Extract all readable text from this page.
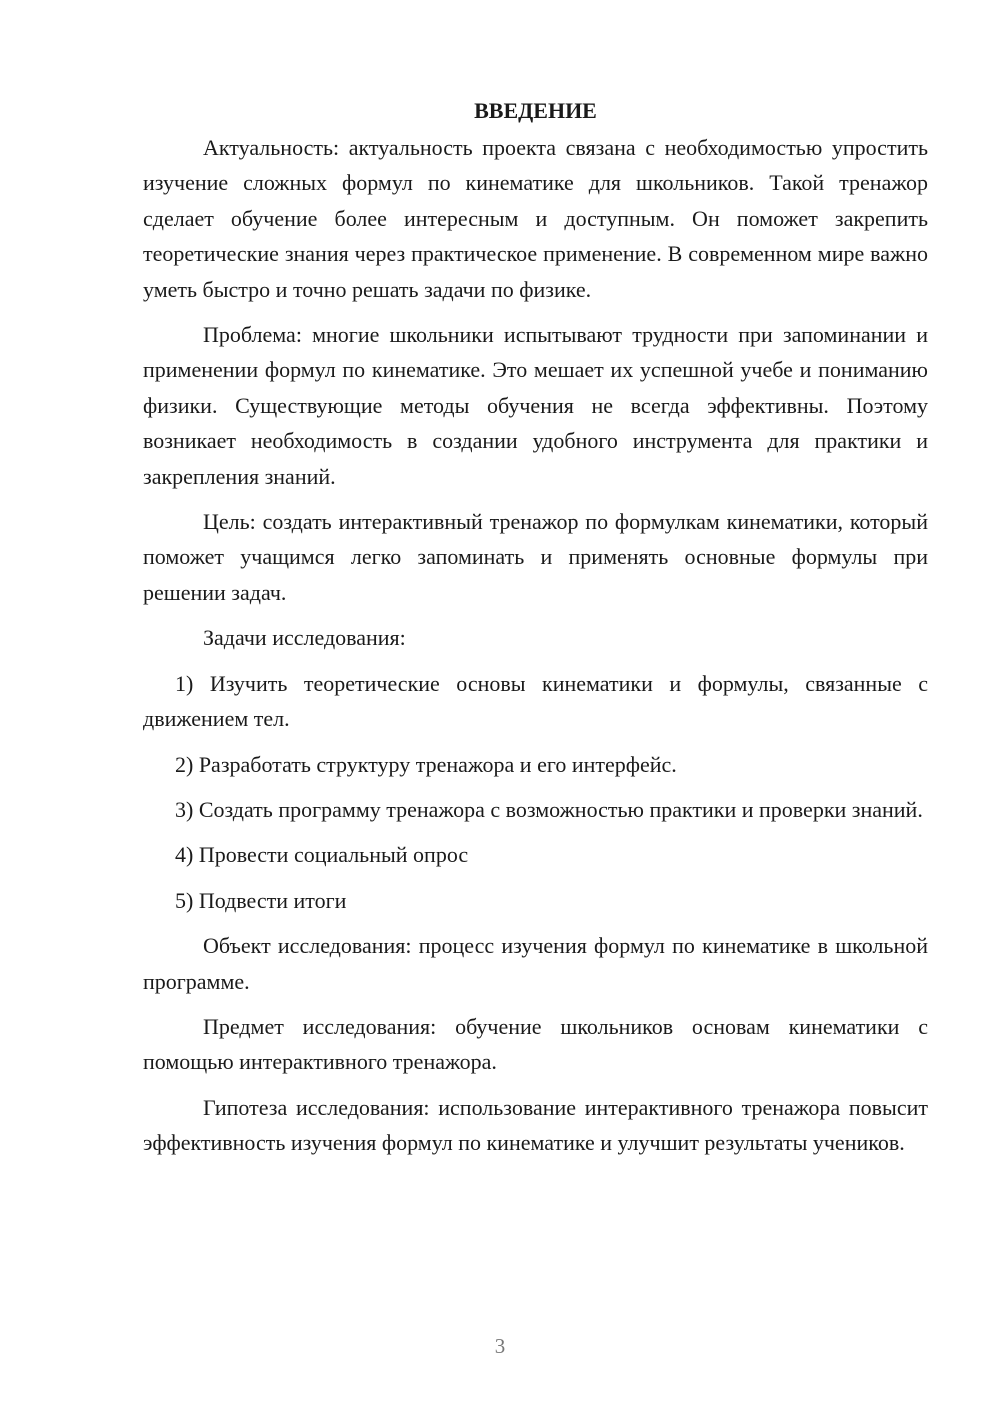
ВВЕДЕНИЕ

Актуальность: актуальность проекта связана с необходимостью упростить изучение сложных формул по кинематике для школьников. Такой тренажор сделает обучение более интересным и доступным. Он поможет закрепить теоретические знания через практическое применение. В современном мире важно уметь быстро и точно решать задачи по физике.

Проблема: многие школьники испытывают трудности при запоминании и применении формул по кинематике. Это мешает их успешной учебе и пониманию физики. Существующие методы обучения не всегда эффективны. Поэтому возникает необходимость в создании удобного инструмента для практики и закрепления знаний.

Цель: создать интерактивный тренажор по формулкам кинематики, который поможет учащимся легко запоминать и применять основные формулы при решении задач.

Задачи исследования:

1) Изучить теоретические основы кинематики и формулы, связанные с движением тел.

2) Разработать структуру тренажора и его интерфейс.

3) Создать программу тренажора с возможностью практики и проверки знаний.

4) Провести социальный опрос

5) Подвести итоги

Объект исследования: процесс изучения формул по кинематике в школьной программе.

Предмет исследования: обучение школьников основам кинематики с помощью интерактивного тренажора.

Гипотеза исследования: использование интерактивного тренажора повысит эффективность изучения формул по кинематике и улучшит результаты учеников.

3
